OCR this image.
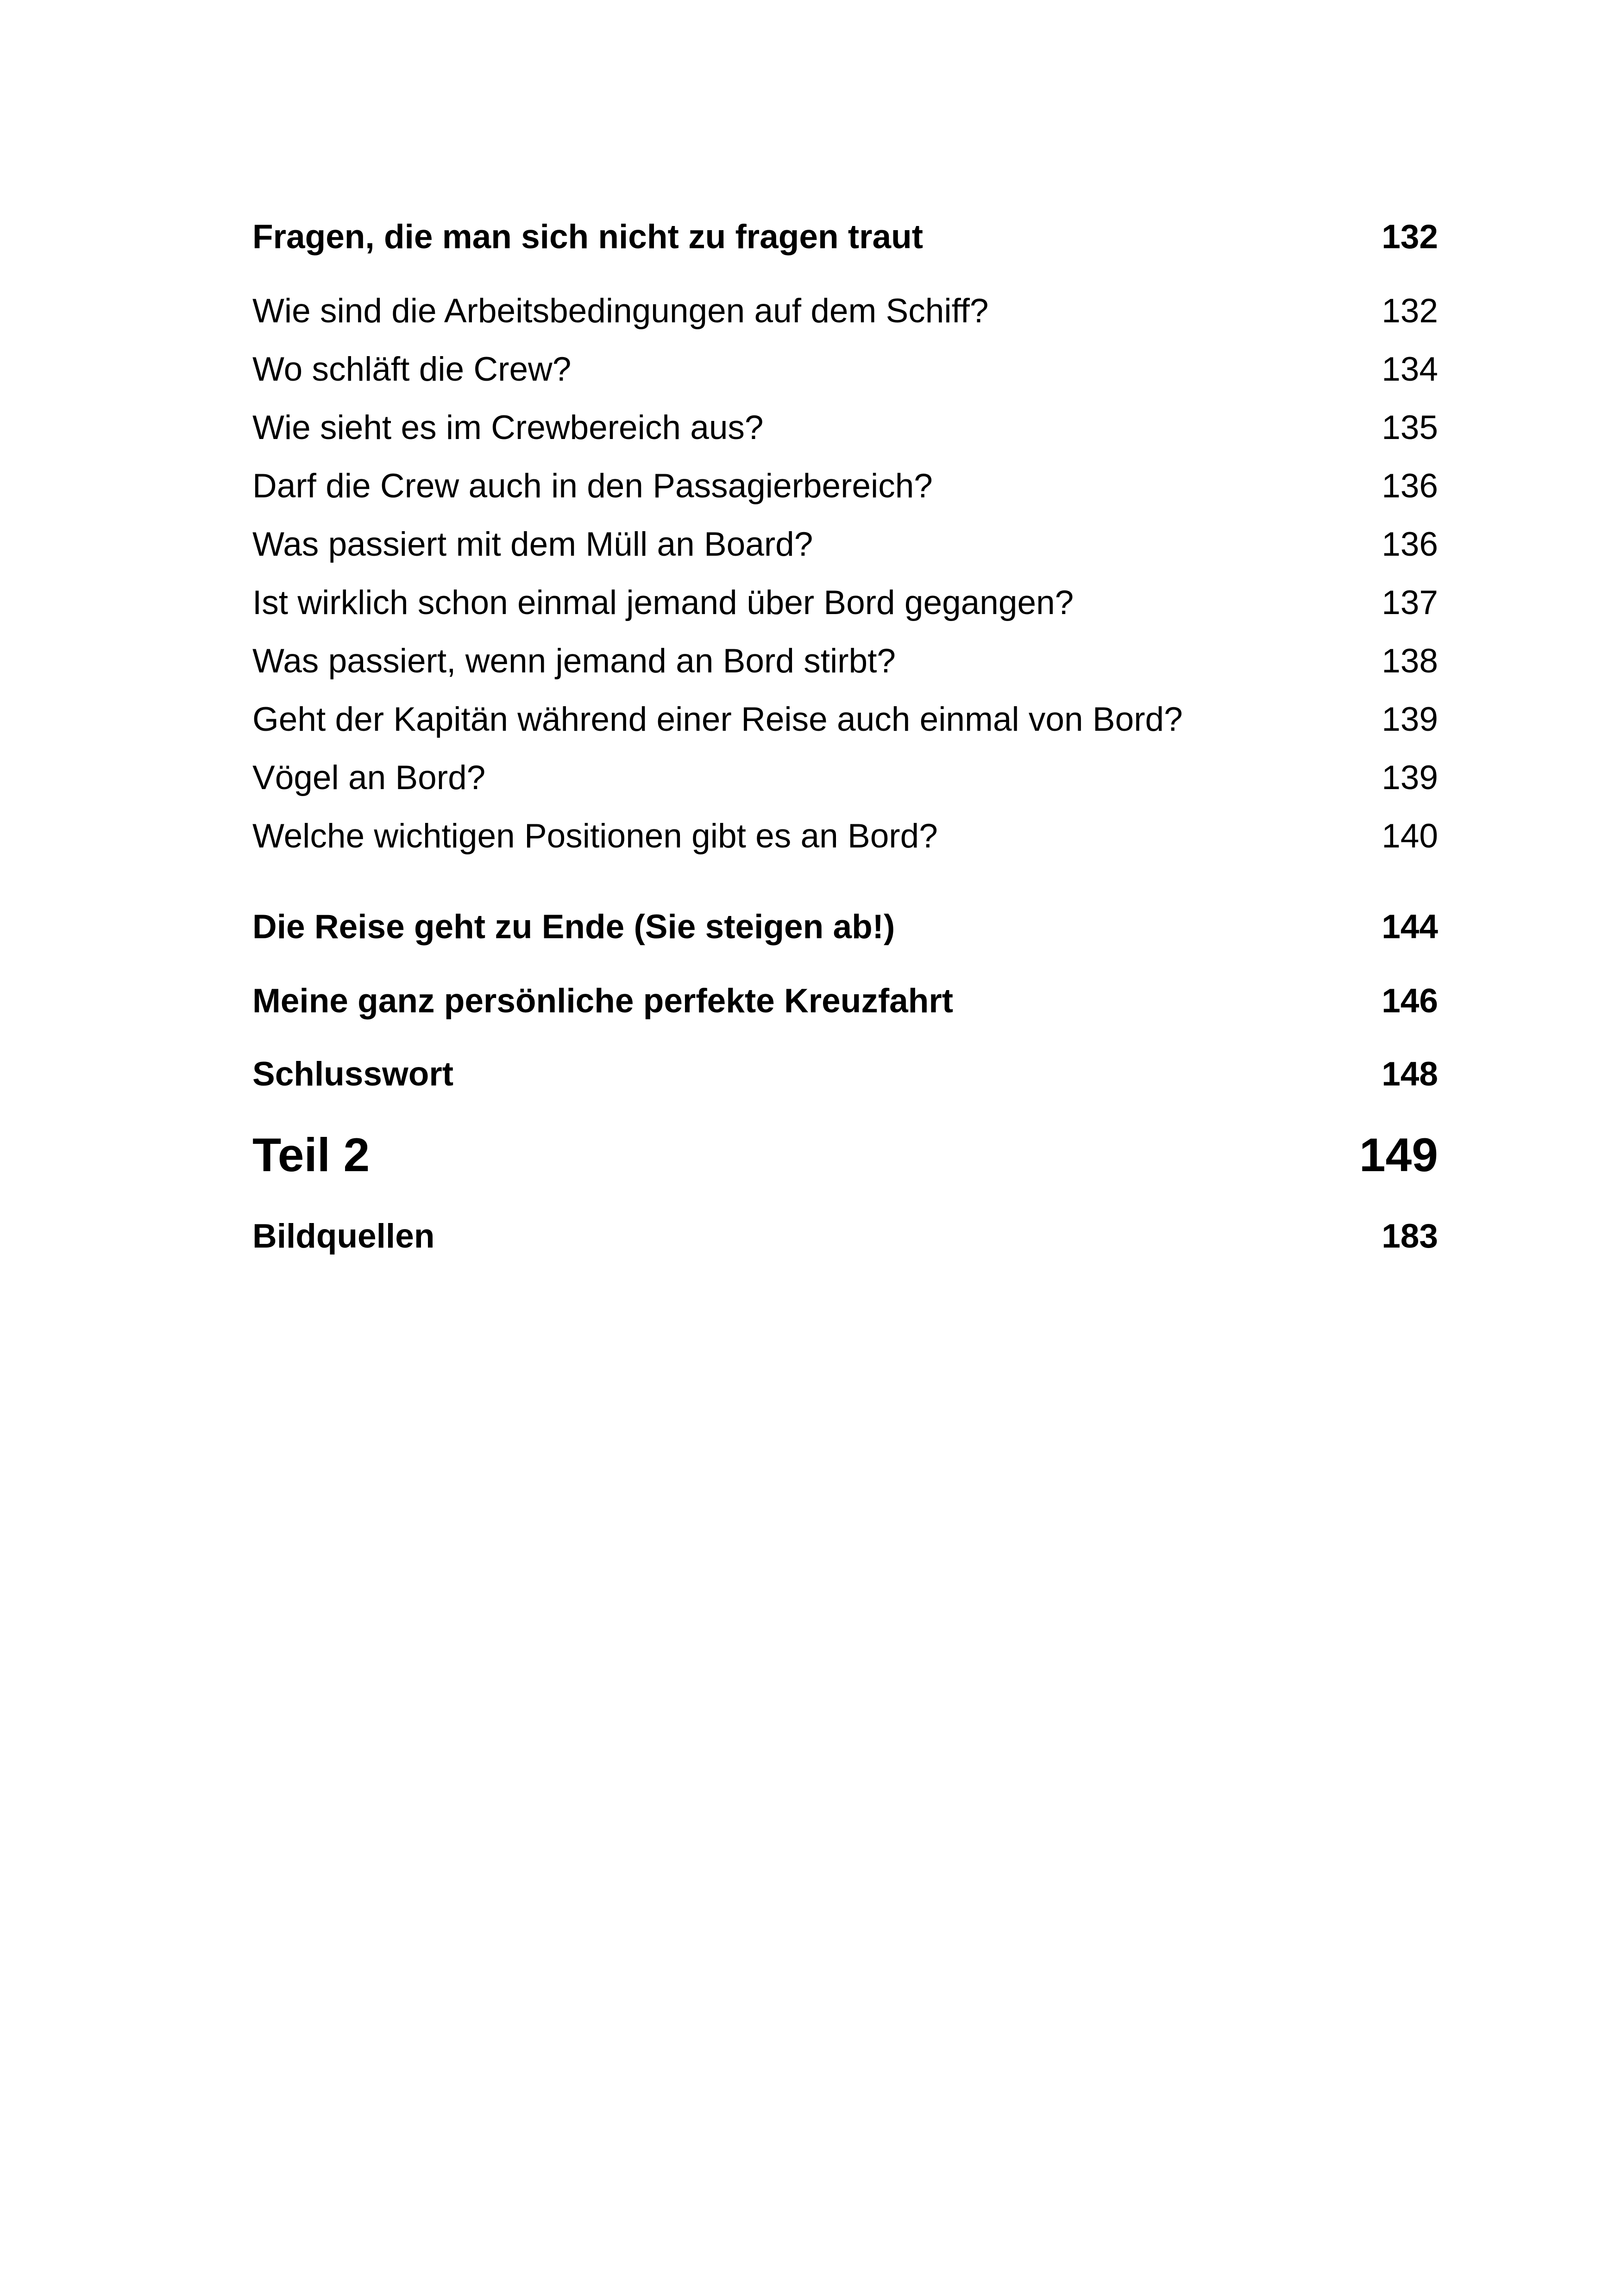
Fragen, die man sich nicht zu fragen traut	132
Wie sind die Arbeitsbedingungen auf dem Schiff?	132
Wo schläft die Crew?	134
Wie sieht es im Crewbereich aus?	135
Darf die Crew auch in den Passagierbereich?	136
Was passiert mit dem Müll an Board?	136
Ist wirklich schon einmal jemand über Bord gegangen?	137
Was passiert, wenn jemand an Bord stirbt?	138
Geht der Kapitän während einer Reise auch einmal von Bord?	139
Vögel an Bord?	139
Welche wichtigen Positionen gibt es an Bord?	140
Die Reise geht zu Ende (Sie steigen ab!)	144
Meine ganz persönliche perfekte Kreuzfahrt	146
Schlusswort	148
Teil 2	149
Bildquellen	183
